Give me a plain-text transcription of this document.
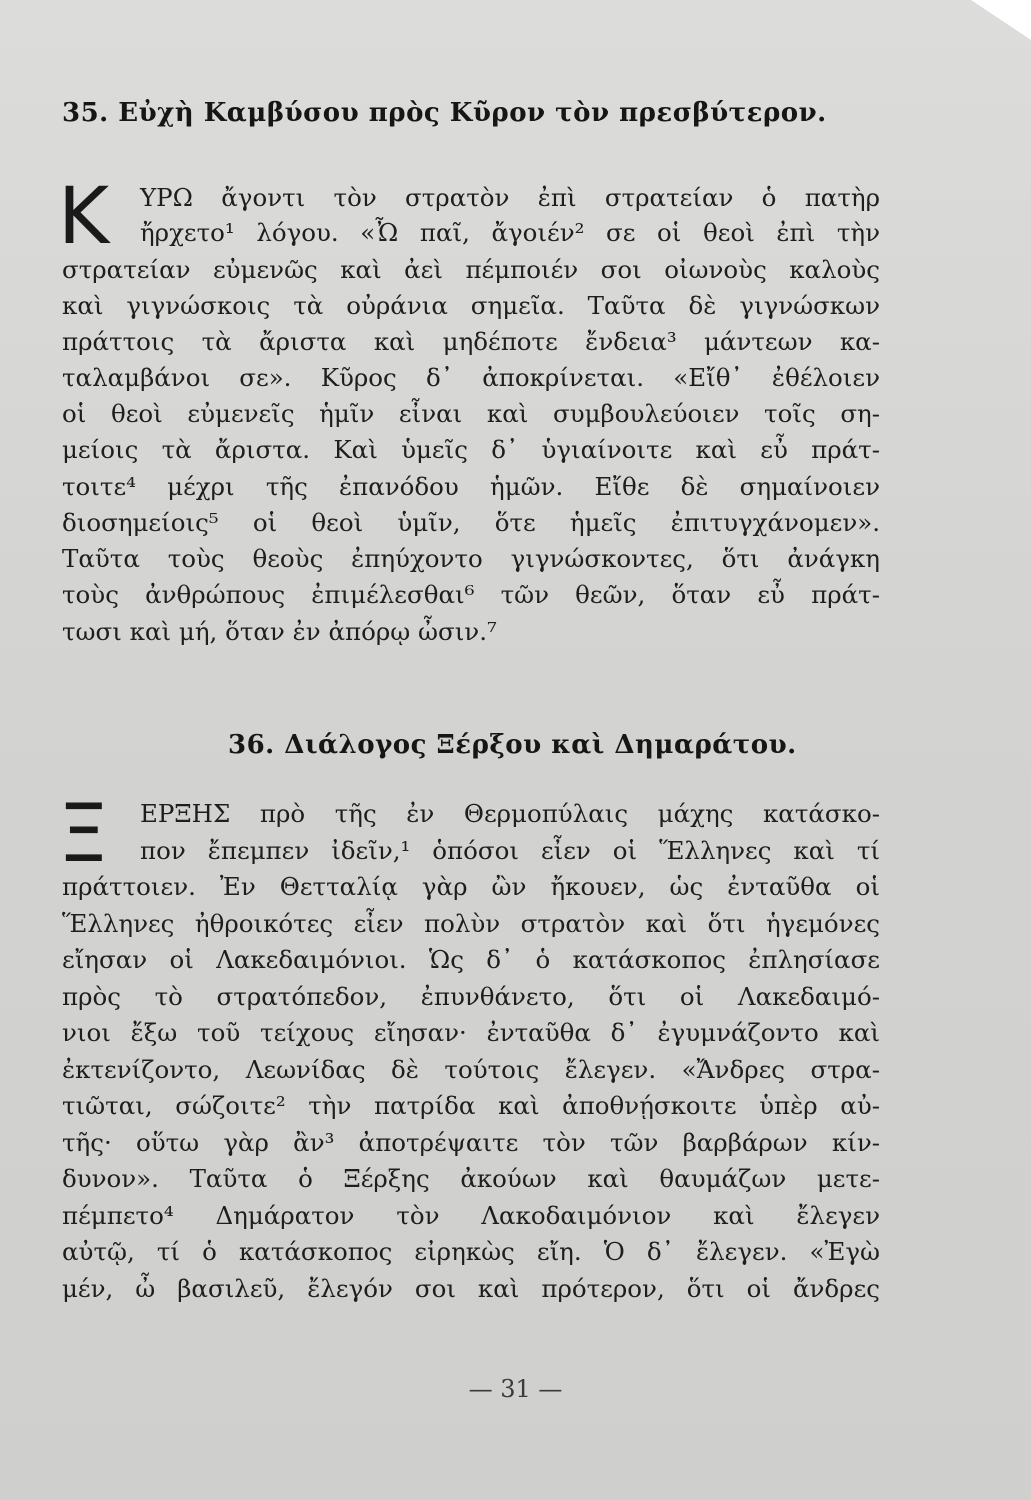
35. Εὐχὴ Καμβύσου πρὸς Κῦρον τὸν πρεσβύτερον.
Κ ΥΡΩ ἄγοντι τὸν στρατὸν ἐπὶ στρατείαν ὁ πατὴρ
ἤρχετο¹ λόγου. «Ὦ παῖ, ἄγοιέν² σε οἱ θεοὶ ἐπὶ τὴν
στρατείαν εὐμενῶς καὶ ἀεὶ πέμποιέν σοι οἰωνοὺς καλοὺς
καὶ γιγνώσκοις τὰ οὐράνια σημεῖα. Ταῦτα δὲ γιγνώσκων
πράττοις τὰ ἄριστα καὶ μηδέποτε ἔνδεια³ μάντεων κα-
ταλαμβάνοι σε». Κῦρος δ᾽ ἀποκρίνεται. «Εἴθ᾽ ἐθέλοιεν
οἱ θεοὶ εὐμενεῖς ἡμῖν εἶναι καὶ συμβουλεύοιεν τοῖς ση-
μείοις τὰ ἄριστα. Καὶ ὑμεῖς δ᾽ ὑγιαίνοιτε καὶ εὖ πράτ-
τοιτε⁴ μέχρι τῆς ἐπανόδου ἡμῶν. Εἴθε δὲ σημαίνοιεν
διοσημείοις⁵ οἱ θεοὶ ὑμῖν, ὅτε ἡμεῖς ἐπιτυγχάνομεν».
Ταῦτα τοὺς θεοὺς ἐπηύχοντο γιγνώσκοντες, ὅτι ἀνάγκη
τοὺς ἀνθρώπους ἐπιμέλεσθαι⁶ τῶν θεῶν, ὅταν εὖ πράτ-
τωσι καὶ μή, ὅταν ἐν ἀπόρῳ ὦσιν.⁷
36. Διάλογος Ξέρξου καὶ Δημαράτου.
Ξ ΕΡΞΗΣ πρὸ τῆς ἐν Θερμοπύλαις μάχης κατάσκο-
πον ἔπεμπεν ἰδεῖν,¹ ὁπόσοι εἶεν οἱ Ἕλληνες καὶ τί
πράττοιεν. Ἐν Θετταλίᾳ γὰρ ὢν ἤκουεν, ὡς ἐνταῦθα οἱ
Ἕλληνες ἠθροικότες εἶεν πολὺν στρατὸν καὶ ὅτι ἡγεμόνες
εἴησαν οἱ Λακεδαιμόνιοι. Ὡς δ᾽ ὁ κατάσκοπος ἐπλησίασε
πρὸς τὸ στρατόπεδον, ἐπυνθάνετο, ὅτι οἱ Λακεδαιμό-
νιοι ἔξω τοῦ τείχους εἴησαν· ἐνταῦθα δ᾽ ἐγυμνάζοντο καὶ
ἐκτενίζοντο, Λεωνίδας δὲ τούτοις ἔλεγεν. «Ἄνδρες στρα-
τιῶται, σώζοιτε² τὴν πατρίδα καὶ ἀποθνῄσκοιτε ὑπὲρ αὐ-
τῆς· οὕτω γὰρ ἂν³ ἀποτρέψαιτε τὸν τῶν βαρβάρων κίν-
δυνον». Ταῦτα ὁ Ξέρξης ἀκούων καὶ θαυμάζων μετε-
πέμπετο⁴ Δημάρατον τὸν Λακοδαιμόνιον καὶ ἔλεγεν
αὐτῷ, τί ὁ κατάσκοπος εἰρηκὼς εἴη. Ὁ δ᾽ ἔλεγεν. «Ἐγὼ
μέν, ὦ βασιλεῦ, ἔλεγόν σοι καὶ πρότερον, ὅτι οἱ ἄνδρες
— 31 —
